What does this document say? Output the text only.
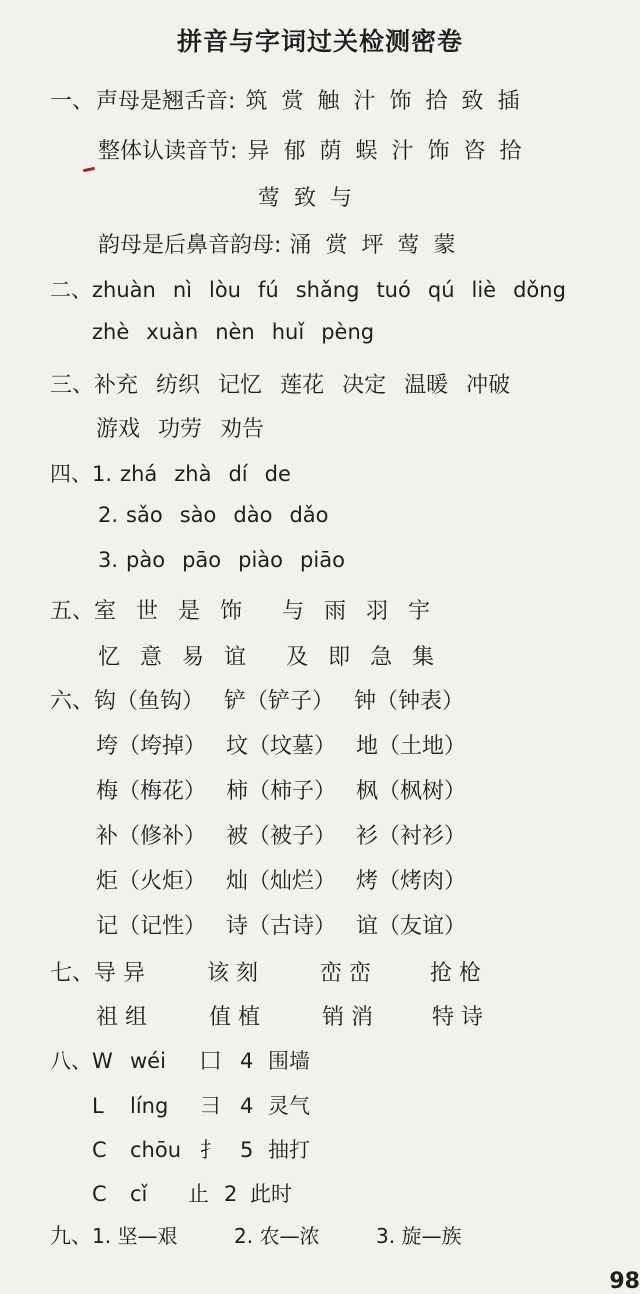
拼音与字词过关检测密卷
一、声母是翘舌音: 筑 赏 触 汁 饰 拾 致 插
整体认读音节: 异 郁 荫 蜈 汁 饰 咨 拾
莺 致 与
韵母是后鼻音韵母: 涌 赏 坪 莺 蒙
二、zhuàn nì lòu fú shǎng tuó qú liè dǒng
zhè xuàn nèn huǐ pèng
三、补充 纺织 记忆 莲花 决定 温暖 冲破
游戏 功劳 劝告
四、1. zhá zhà dí de
2. sǎo sào dào dǎo
3. pào pāo piào piāo
五、室 世 是 饰 与 雨 羽 宇
忆 意 易 谊 及 即 急 集
六、钩（鱼钩） 铲（铲子） 钟（钟表）
垮（垮掉） 坟（坟墓） 地（土地）
梅（梅花） 柿（柿子） 枫（枫树）
补（修补） 被（被子） 衫（衬衫）
炬（火炬） 灿（灿烂） 烤（烤肉）
记（记性） 诗（古诗） 谊（友谊）
七、导 异	该 刻	峦 峦	抢 枪
祖 组	值 植	销 消	特 诗
八、W wéi 囗 4 围墙
L líng 彐 4 灵气
C chōu 扌 5 抽打
C cǐ 止 2 此时
九、1. 坚—艰	2. 农—浓	3. 旋—族
98
